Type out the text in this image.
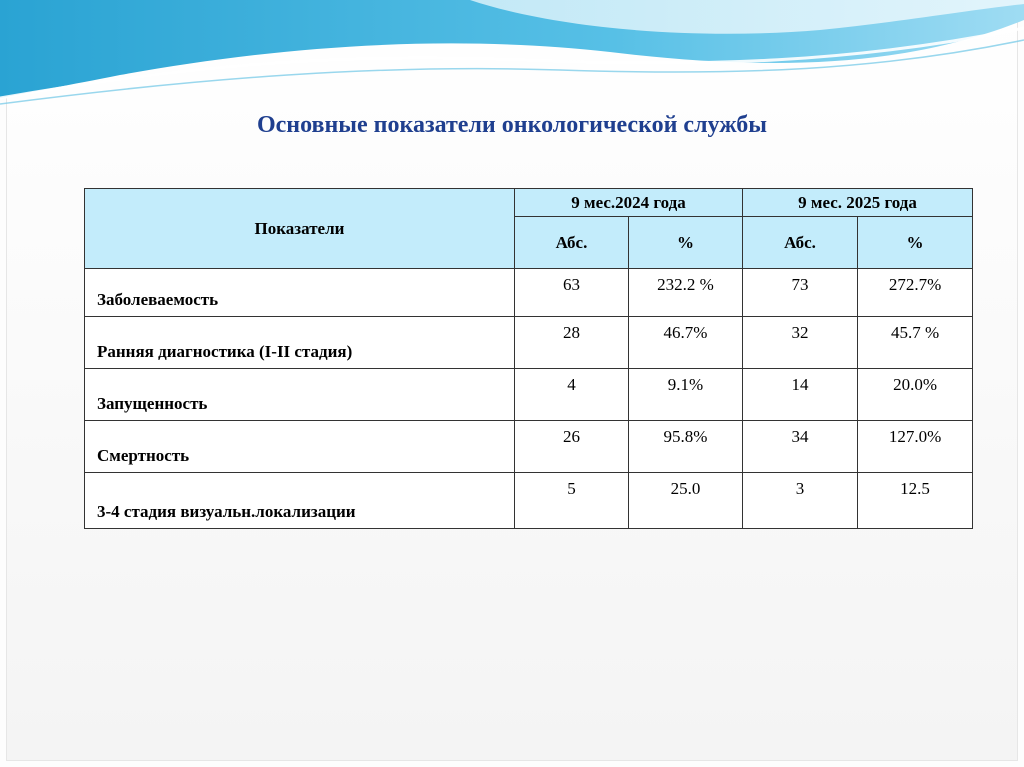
Основные показатели онкологической службы
Показатели	9 мес.2024 года		9 мес. 2025 года	
	Абс.	%	Абс.	%
Заболеваемость	63	232.2 %	73	272.7%
Ранняя диагностика (I-II стадия)	28	46.7%	32	45.7 %
Запущенность	4	9.1%	14	20.0%
Смертность	26	95.8%	34	127.0%
3-4 стадия визуальн.локализации	5	25.0	3	12.5
